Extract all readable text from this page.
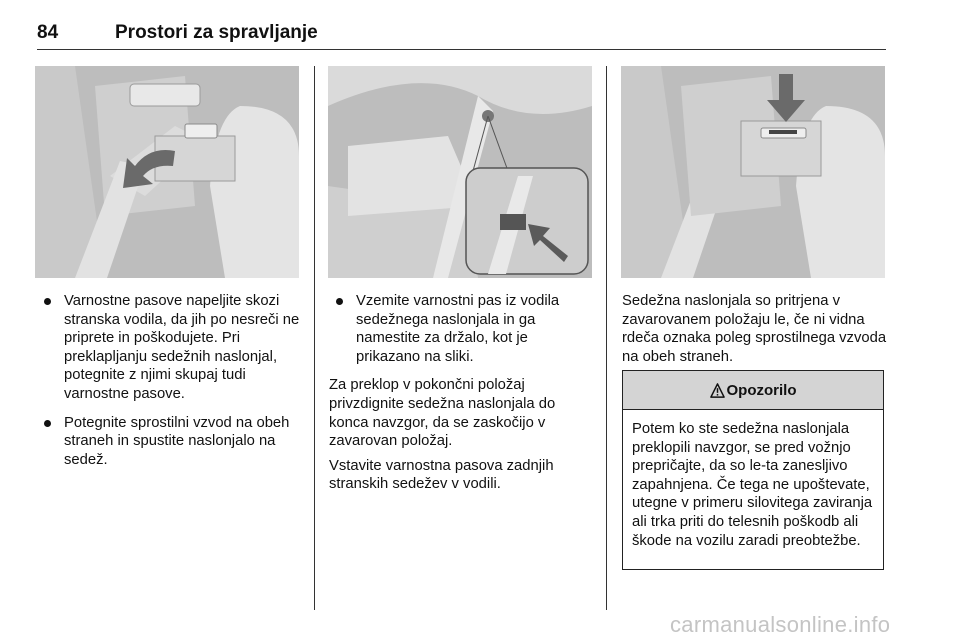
84	Prostori za spravljanje
Varnostne pasove napeljite skozi stranska vodila, da jih po nesreči ne priprete in poškodujete. Pri preklapljanju sedežnih naslonjal, potegnite z njimi skupaj tudi varnostne pasove.
Potegnite sprostilni vzvod na obeh straneh in spustite naslonjalo na sedež.
Vzemite varnostni pas iz vodila sedežnega naslonjala in ga namestite za držalo, kot je prikazano na sliki.

Za preklop v pokončni položaj privzdignite sedežna naslonjala do konca navzgor, da se zaskočijo v zavarovan položaj.

Vstavite varnostna pasova zadnjih stranskih sedežev v vodili.

Sedežna naslonjala so pritrjena v zavarovanem položaju le, če ni vidna rdeča oznaka poleg sprostilnega vzvoda na obeh straneh.

Opozorilo
Potem ko ste sedežna naslonjala preklopili navzgor, se pred vožnjo prepričajte, da so le-ta zanesljivo zapahnjena. Če tega ne upoštevate, utegne v primeru silovitega zaviranja ali trka priti do telesnih poškodb ali škode na vozilu zaradi preobtežbe.
carmanualsonline.info
